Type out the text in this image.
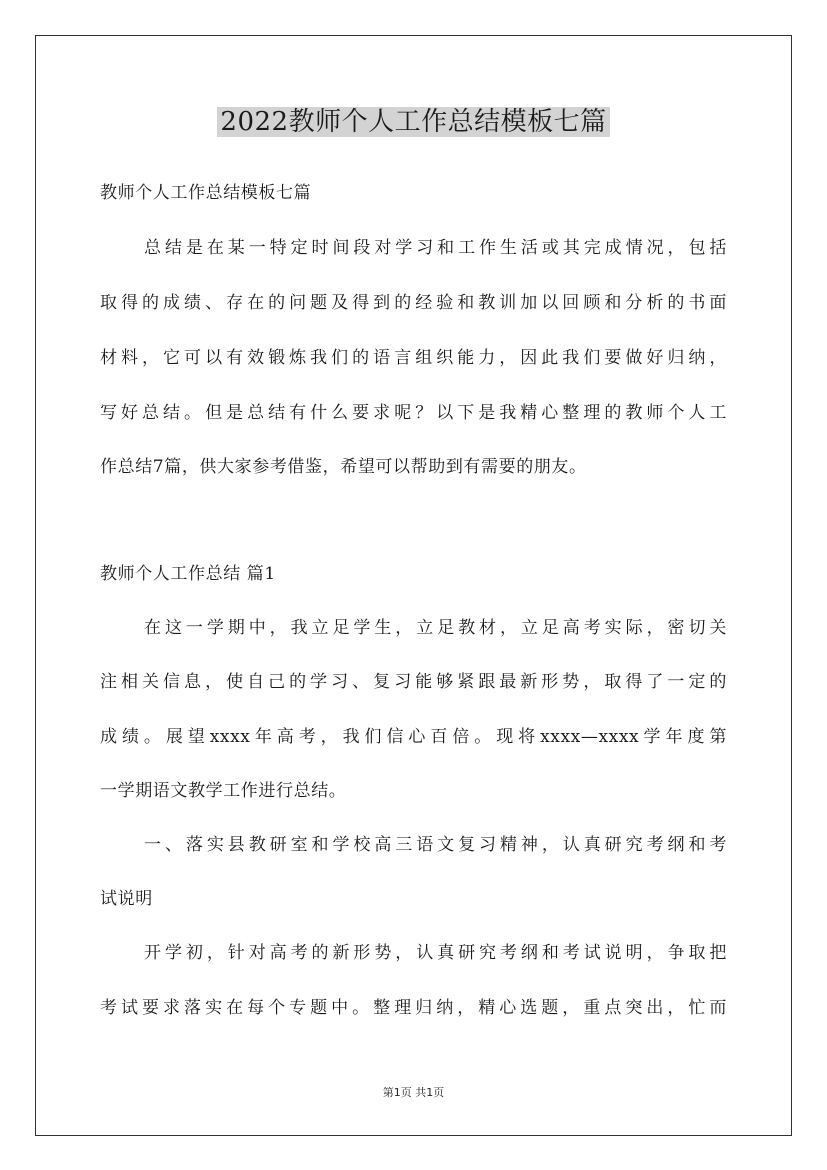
2022教师个人工作总结模板七篇
教师个人工作总结模板七篇
总结是在某一特定时间段对学习和工作生活或其完成情况，包括
取得的成绩、存在的问题及得到的经验和教训加以回顾和分析的书面
材料，它可以有效锻炼我们的语言组织能力，因此我们要做好归纳，
写好总结。但是总结有什么要求呢？以下是我精心整理的教师个人工
作总结7篇，供大家参考借鉴，希望可以帮助到有需要的朋友。
教师个人工作总结 篇1
在这一学期中，我立足学生，立足教材，立足高考实际，密切关
注相关信息，使自己的学习、复习能够紧跟最新形势，取得了一定的
成绩。展望xxxx年高考，我们信心百倍。现将xxxx—xxxx学年度第
一学期语文教学工作进行总结。
一、落实县教研室和学校高三语文复习精神，认真研究考纲和考
试说明
开学初，针对高考的新形势，认真研究考纲和考试说明，争取把
考试要求落实在每个专题中。整理归纳，精心选题，重点突出，忙而
第1页 共1页
